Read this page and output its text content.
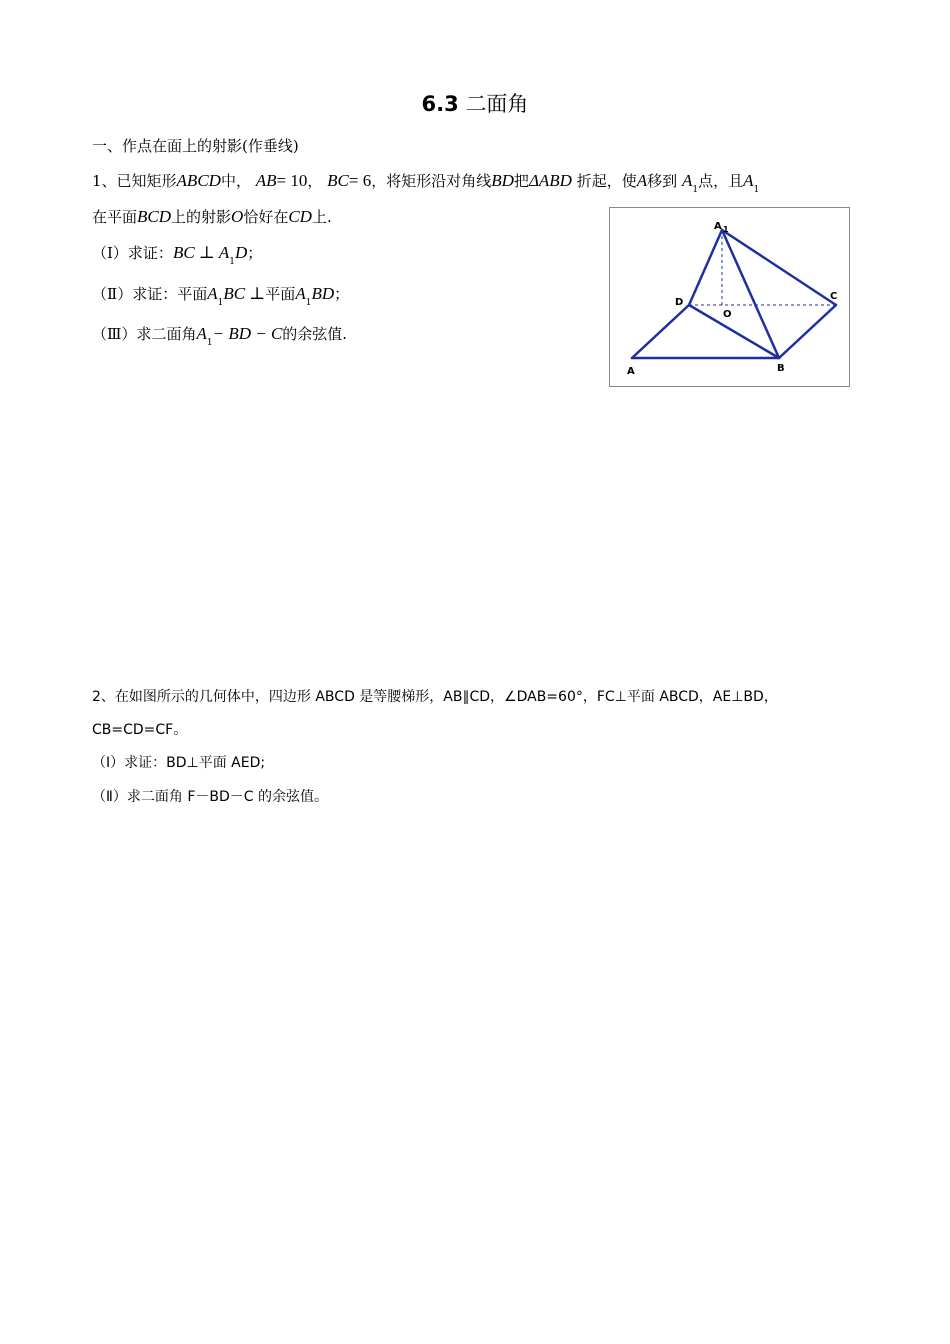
6.3 二面角
一、作点在面上的射影(作垂线)
1、已知矩形ABCD中， AB= 10， BC= 6，将矩形沿对角线BD把ΔABD 折起，使A移到 $A_1$点，且$A_1$
在平面BCD上的射影O恰好在CD上.
（Ⅰ）求证：BC ⊥ $A_1D$；
（Ⅱ）求证：平面$A_1BC$ ⊥平面$A_1BD$；
（Ⅲ）求二面角$A_1-$ BD − C的余弦值.
A 1
D
C
O
A	B
2、在如图所示的几何体中，四边形 ABCD 是等腰梯形，AB∥CD，∠DAB=60°，FC⊥平面 ABCD，AE⊥BD，
CB=CD=CF。
（Ⅰ）求证：BD⊥平面 AED;
（Ⅱ）求二面角 F－BD－C 的余弦值。
